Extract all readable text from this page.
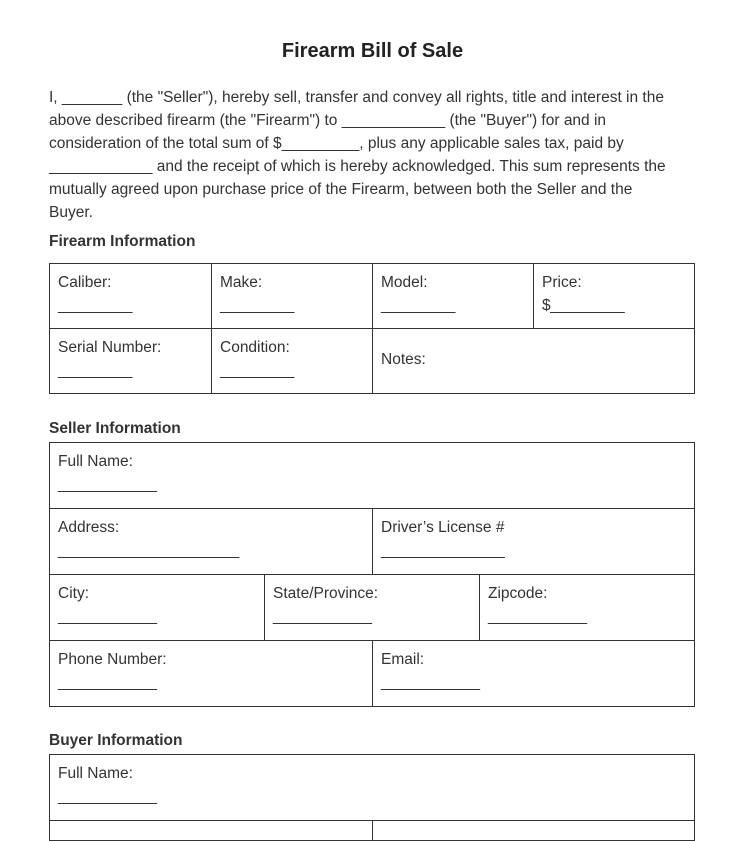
Firearm Bill of Sale
I, _______ (the "Seller"), hereby sell, transfer and convey all rights, title and interest in the
above described firearm (the "Firearm") to ____________ (the "Buyer") for and in
consideration of the total sum of $_________, plus any applicable sales tax, paid by
____________ and the receipt of which is hereby acknowledged. This sum represents the
mutually agreed upon purchase price of the Firearm, between both the Seller and the
Buyer.
Firearm Information
Caliber:
_________
Make:
_________
Model:
_________
Price:
$_________
Serial Number:
_________
Condition:
_________
Notes:
Seller Information
Full Name:
____________
Address:
______________________
Driver’s License #
_______________
City:
____________
State/Province:
____________
Zipcode:
____________
Phone Number:
____________
Email:
____________
Buyer Information
Full Name:
____________
